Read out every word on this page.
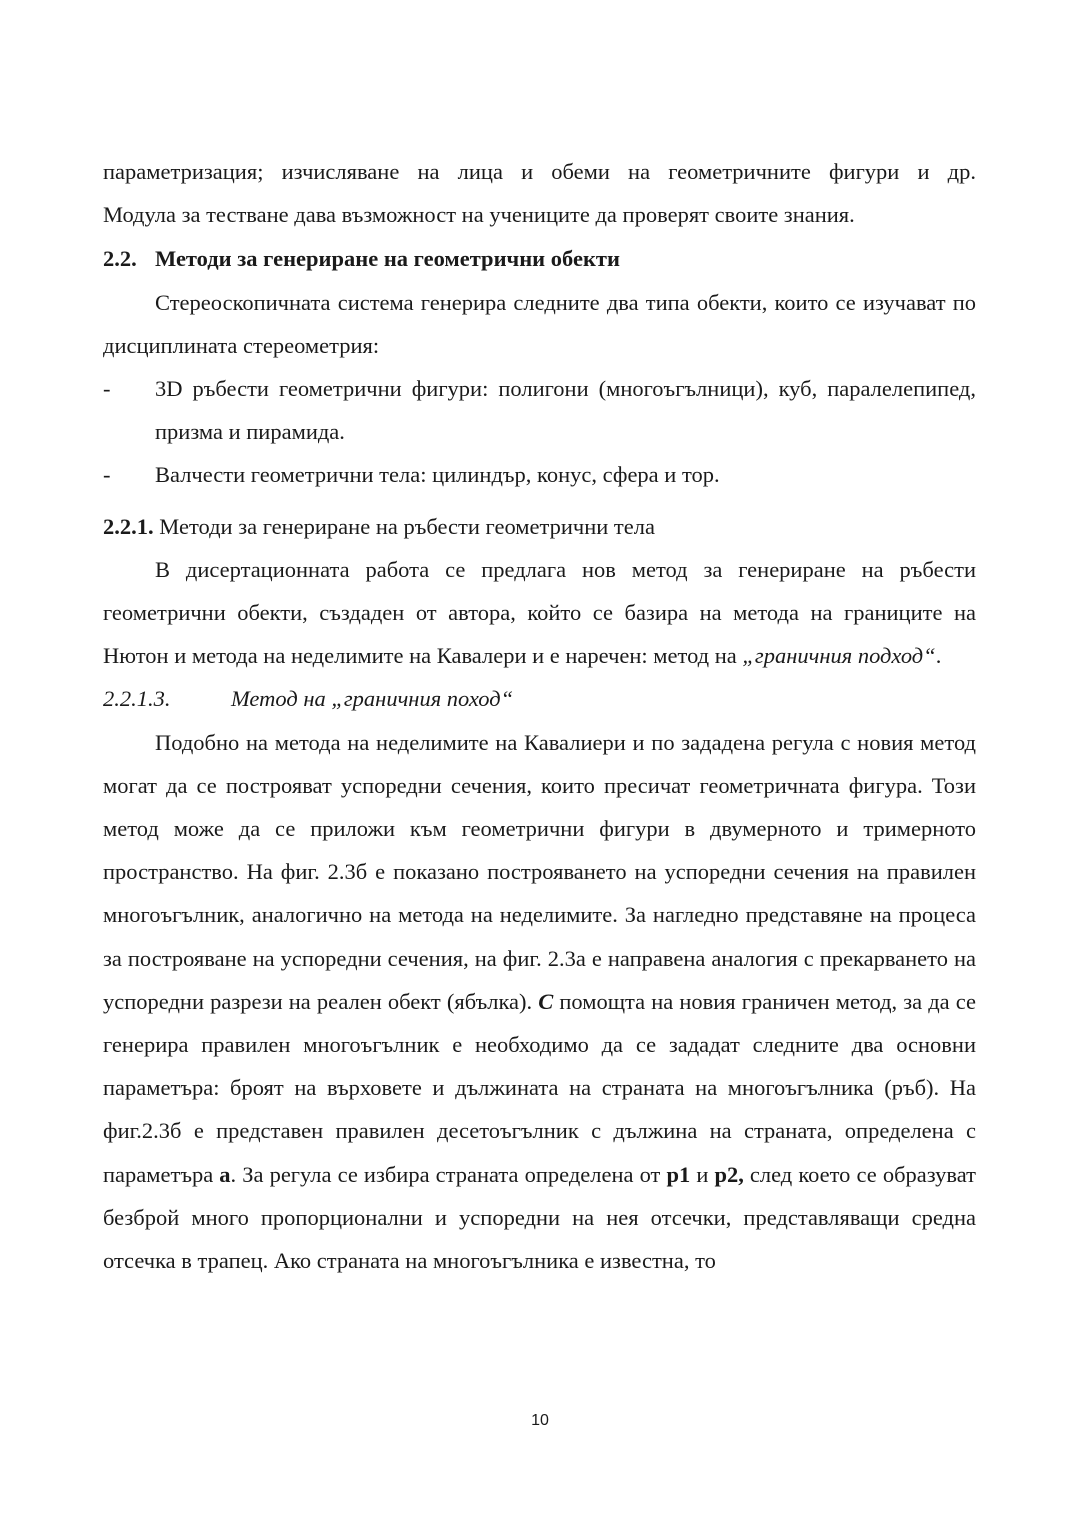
параметризация; изчисляване на лица и обеми на геометричните фигури и др.
Модула за тестване дава възможност на учениците да проверят своите знания.

2.2. Методи за генериране на геометрични обекти

Стереоскопичната система генерира следните два типа обекти, които се изучават по дисциплината стереометрия:

- 3D ръбести геометрични фигури: полигони (многоъгълници), куб, паралелепипед, призма и пирамида.
- Валчести геометрични тела: цилиндър, конус, сфера и тор.

2.2.1. Методи за генериране на ръбести геометрични тела

В дисертационната работа се предлага нов метод за генериране на ръбести геометрични обекти, създаден от автора, който се базира на метода на границите на Нютон и метода на неделимите на Кавалери и е наречен: метод на „граничния подход“.

2.2.1.3.	Метод на „граничния поход“

Подобно на метода на неделимите на Кавалиери и по зададена регула с новия метод могат да се построяват успоредни сечения, които пресичат геометричната фигура. Този метод може да се приложи към геометрични фигури в двумерното и тримерното пространство. На фиг. 2.3б е показано построяването на успоредни сечения на правилен многоъгълник, аналогично на метода на неделимите. За нагледно представяне на процеса за построяване на успоредни сечения, на фиг. 2.3а е направена аналогия с прекарването на успоредни разрези на реален обект (ябълка). С помощта на новия граничен метод, за да се генерира правилен многоъгълник е необходимо да се зададат следните два основни параметъра: броят на върховете и дължината на страната на многоъгълника (ръб). На фиг.2.3б е представен правилен десетоъгълник с дължина на страната, определена с параметъра a. За регула се избира страната определена от p1 и p2, след което се образуват безброй много пропорционални и успоредни на нея отсечки, представляващи средна отсечка в трапец. Ако страната на многоъгълника е известна, то

10
